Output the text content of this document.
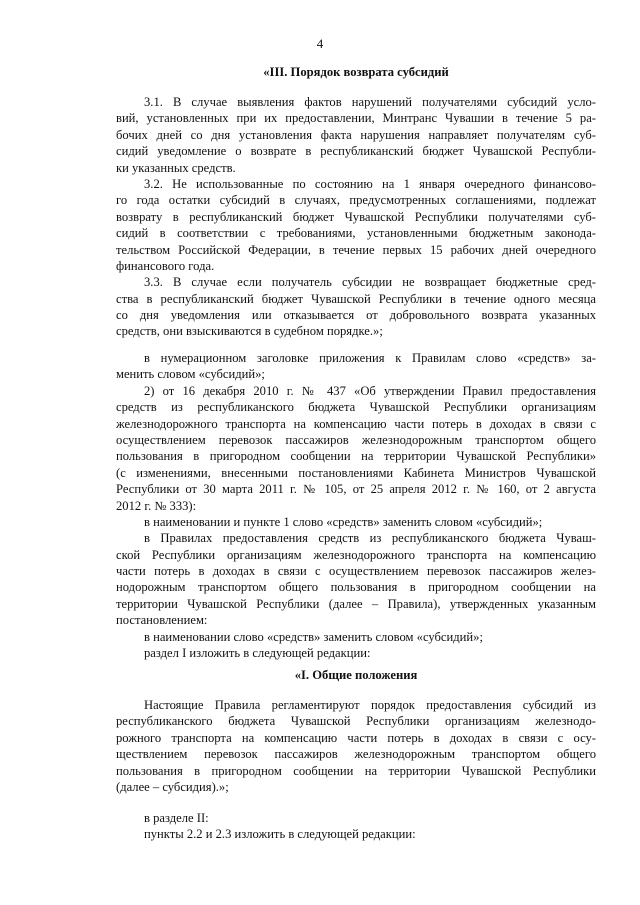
4
«III. Порядок возврата субсидий
3.1. В случае выявления фактов нарушений получателями субсидий усло-
вий, установленных при их предоставлении, Минтранс Чувашии в течение 5 ра-
бочих дней со дня установления факта нарушения направляет получателям суб-
сидий уведомление о возврате в республиканский бюджет Чувашской Республи-
ки указанных средств.
3.2. Не использованные по состоянию на 1 января очередного финансово-
го года остатки субсидий в случаях, предусмотренных соглашениями, подлежат
возврату в республиканский бюджет Чувашской Республики получателями суб-
сидий в соответствии с требованиями, установленными бюджетным законода-
тельством Российской Федерации, в течение первых 15 рабочих дней очередного
финансового года.
3.3. В случае если получатель субсидии не возвращает бюджетные сред-
ства в республиканский бюджет Чувашской Республики в течение одного месяца
со дня уведомления или отказывается от добровольного возврата указанных
средств, они взыскиваются в судебном порядке.»;
в нумерационном заголовке приложения к Правилам слово «средств» за-
менить словом «субсидий»;
2) от 16 декабря 2010 г. № 437 «Об утверждении Правил предоставления
средств из республиканского бюджета Чувашской Республики организациям
железнодорожного транспорта на компенсацию части потерь в доходах в связи с
осуществлением перевозок пассажиров железнодорожным транспортом общего
пользования в пригородном сообщении на территории Чувашской Республики»
(с изменениями, внесенными постановлениями Кабинета Министров Чувашской
Республики от 30 марта 2011 г. № 105, от 25 апреля 2012 г. № 160, от 2 августа
2012 г. № 333):
в наименовании и пункте 1 слово «средств» заменить словом «субсидий»;
в Правилах предоставления средств из республиканского бюджета Чуваш-
ской Республики организациям железнодорожного транспорта на компенсацию
части потерь в доходах в связи с осуществлением перевозок пассажиров желез-
нодорожным транспортом общего пользования в пригородном сообщении на
территории Чувашской Республики (далее – Правила), утвержденных указанным
постановлением:
в наименовании слово «средств» заменить словом «субсидий»;
раздел I изложить в следующей редакции:
«I. Общие положения
Настоящие Правила регламентируют порядок предоставления субсидий из
республиканского бюджета Чувашской Республики организациям железнодо-
рожного транспорта на компенсацию части потерь в доходах в связи с осу-
ществлением перевозок пассажиров железнодорожным транспортом общего
пользования в пригородном сообщении на территории Чувашской Республики
(далее – субсидия).»;
в разделе II:
пункты 2.2 и 2.3 изложить в следующей редакции:
